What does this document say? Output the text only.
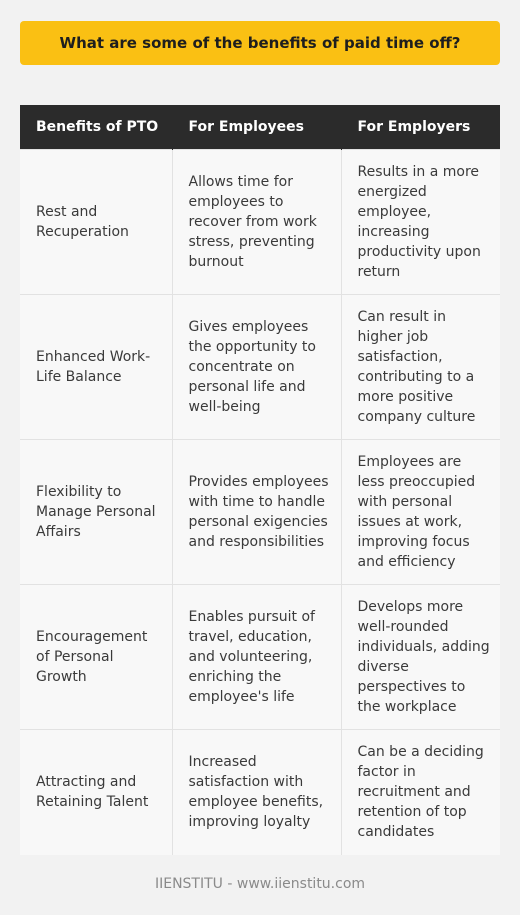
What are some of the benefits of paid time off?
Benefits of PTO	For Employees	For Employers
Rest and Recuperation	Allows time for employees to recover from work stress, preventing burnout	Results in a more energized employee, increasing productivity upon return
Enhanced Work-Life Balance	Gives employees the opportunity to concentrate on personal life and well-being	Can result in higher job satisfaction, contributing to a more positive company culture
Flexibility to Manage Personal Affairs	Provides employees with time to handle personal exigencies and responsibilities	Employees are less preoccupied with personal issues at work, improving focus and efficiency
Encouragement of Personal Growth	Enables pursuit of travel, education, and volunteering, enriching the employee's life	Develops more well-rounded individuals, adding diverse perspectives to the workplace
Attracting and Retaining Talent	Increased satisfaction with employee benefits, improving loyalty	Can be a deciding factor in recruitment and retention of top candidates
IIENSTITU - www.iienstitu.com
